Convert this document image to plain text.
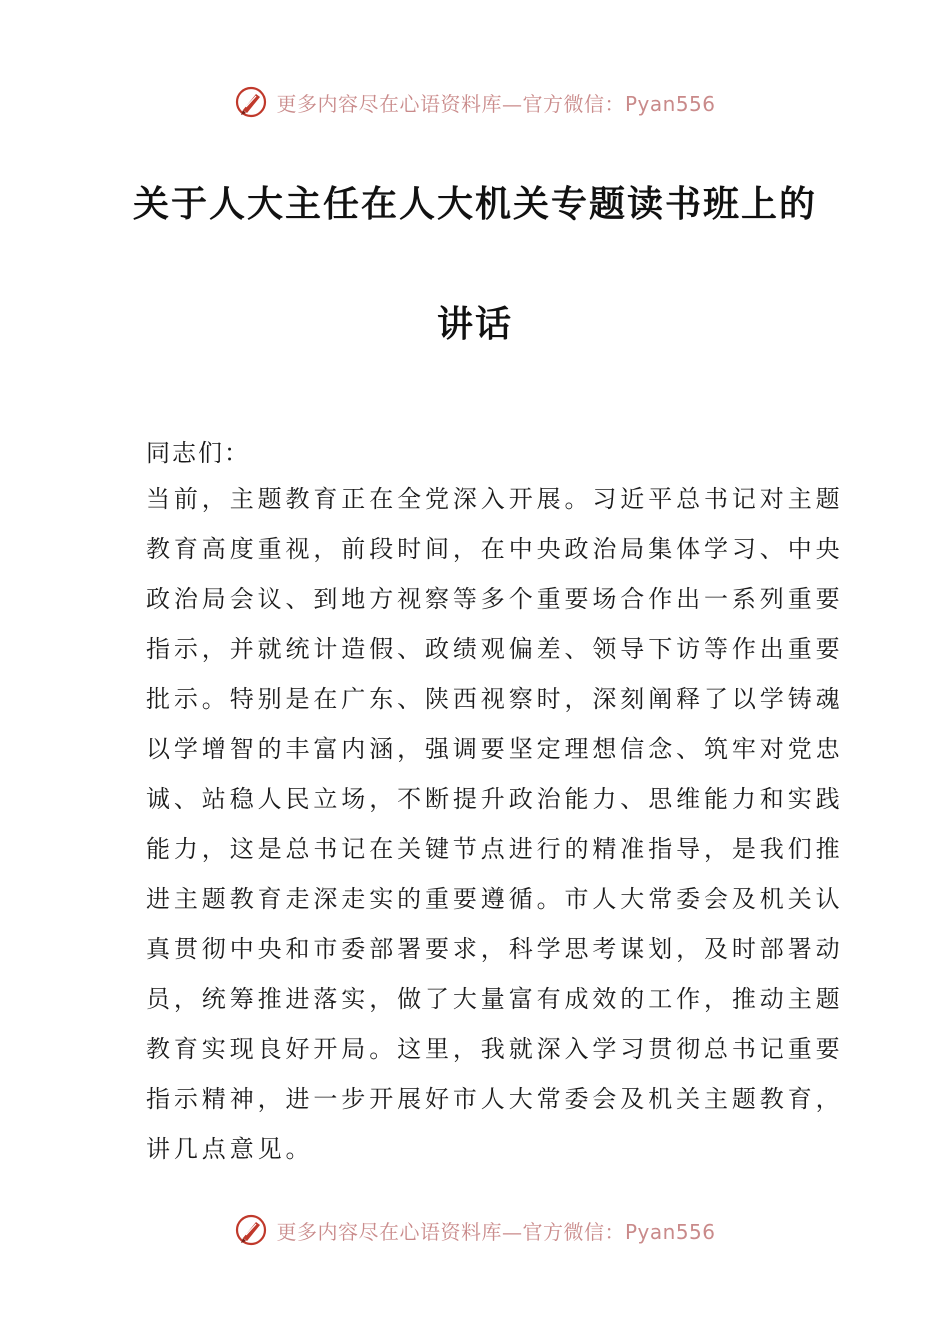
更多内容尽在心语资料库—官方微信：Pyan556
关于人大主任在人大机关专题读书班上的
讲话
同志们：
当前，主题教育正在全党深入开展。习近平总书记对主题
教育高度重视，前段时间，在中央政治局集体学习、中央
政治局会议、到地方视察等多个重要场合作出一系列重要
指示，并就统计造假、政绩观偏差、领导下访等作出重要
批示。特别是在广东、陕西视察时，深刻阐释了以学铸魂
以学增智的丰富内涵，强调要坚定理想信念、筑牢对党忠
诚、站稳人民立场，不断提升政治能力、思维能力和实践
能力，这是总书记在关键节点进行的精准指导，是我们推
进主题教育走深走实的重要遵循。市人大常委会及机关认
真贯彻中央和市委部署要求，科学思考谋划，及时部署动
员，统筹推进落实，做了大量富有成效的工作，推动主题
教育实现良好开局。这里，我就深入学习贯彻总书记重要
指示精神，进一步开展好市人大常委会及机关主题教育，
讲几点意见。
更多内容尽在心语资料库—官方微信：Pyan556
